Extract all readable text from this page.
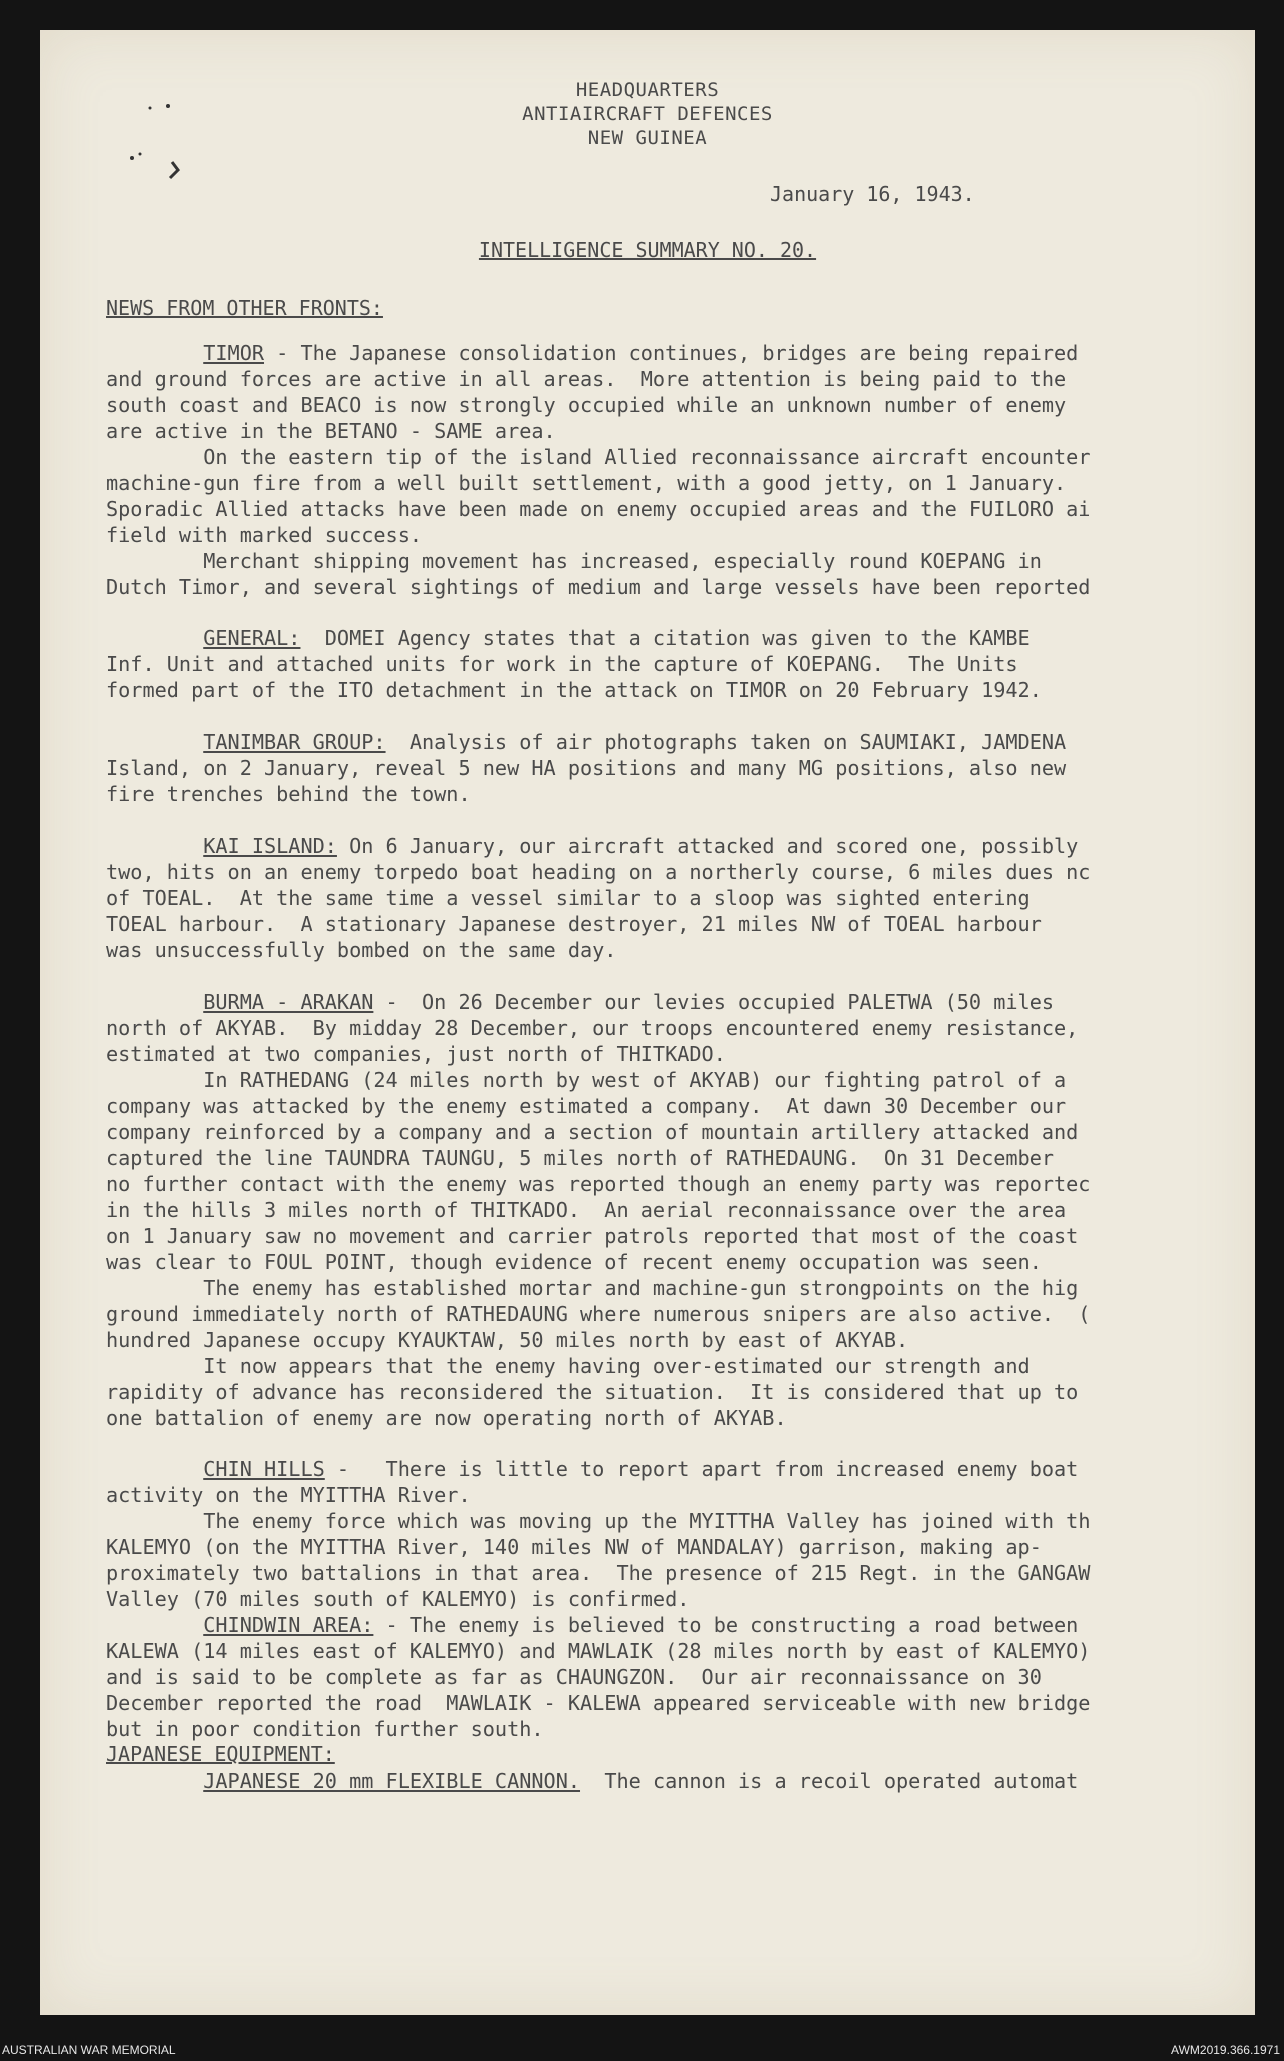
HEADQUARTERS
ANTIAIRCRAFT DEFENCES
NEW GUINEA
January 16, 1943.
INTELLIGENCE SUMMARY NO. 20.
NEWS FROM OTHER FRONTS:

TIMOR - The Japanese consolidation continues, bridges are being repaired
and ground forces are active in all areas.  More attention is being paid to the
south coast and BEACO is now strongly occupied while an unknown number of enemy
are active in the BETANO - SAME area.

On the eastern tip of the island Allied reconnaissance aircraft encounter
machine-gun fire from a well built settlement, with a good jetty, on 1 January.
Sporadic Allied attacks have been made on enemy occupied areas and the FUILORO ai
field with marked success.

Merchant shipping movement has increased, especially round KOEPANG in
Dutch Timor, and several sightings of medium and large vessels have been reported

GENERAL:  DOMEI Agency states that a citation was given to the KAMBE
Inf. Unit and attached units for work in the capture of KOEPANG.  The Units
formed part of the ITO detachment in the attack on TIMOR on 20 February 1942.

TANIMBAR GROUP:  Analysis of air photographs taken on SAUMIAKI, JAMDENA
Island, on 2 January, reveal 5 new HA positions and many MG positions, also new
fire trenches behind the town.

KAI ISLAND: On 6 January, our aircraft attacked and scored one, possibly
two, hits on an enemy torpedo boat heading on a northerly course, 6 miles dues nc
of TOEAL.  At the same time a vessel similar to a sloop was sighted entering
TOEAL harbour.  A stationary Japanese destroyer, 21 miles NW of TOEAL harbour
was unsuccessfully bombed on the same day.

BURMA - ARAKAN -  On 26 December our levies occupied PALETWA (50 miles
north of AKYAB.  By midday 28 December, our troops encountered enemy resistance,
estimated at two companies, just north of THITKADO.

In RATHEDANG (24 miles north by west of AKYAB) our fighting patrol of a
company was attacked by the enemy estimated a company.  At dawn 30 December our
company reinforced by a company and a section of mountain artillery attacked and
captured the line TAUNDRA TAUNGU, 5 miles north of RATHEDAUNG.  On 31 December
no further contact with the enemy was reported though an enemy party was reportec
in the hills 3 miles north of THITKADO.  An aerial reconnaissance over the area
on 1 January saw no movement and carrier patrols reported that most of the coast
was clear to FOUL POINT, though evidence of recent enemy occupation was seen.

The enemy has established mortar and machine-gun strongpoints on the hig
ground immediately north of RATHEDAUNG where numerous snipers are also active.  (
hundred Japanese occupy KYAUKTAW, 50 miles north by east of AKYAB.

It now appears that the enemy having over-estimated our strength and
rapidity of advance has reconsidered the situation.  It is considered that up to
one battalion of enemy are now operating north of AKYAB.

CHIN HILLS -   There is little to report apart from increased enemy boat
activity on the MYITTHA River.

The enemy force which was moving up the MYITTHA Valley has joined with th
KALEMYO (on the MYITTHA River, 140 miles NW of MANDALAY) garrison, making ap-
proximately two battalions in that area.  The presence of 215 Regt. in the GANGAW
Valley (70 miles south of KALEMYO) is confirmed.

CHINDWIN AREA: - The enemy is believed to be constructing a road between
KALEWA (14 miles east of KALEMYO) and MAWLAIK (28 miles north by east of KALEMYO)
and is said to be complete as far as CHAUNGZON.  Our air reconnaissance on 30
December reported the road  MAWLAIK - KALEWA appeared serviceable with new bridge
but in poor condition further south.

JAPANESE EQUIPMENT:

JAPANESE 20 mm FLEXIBLE CANNON.  The cannon is a recoil operated automat

AUSTRALIAN WAR MEMORIAL	AWM2019.366.1971
